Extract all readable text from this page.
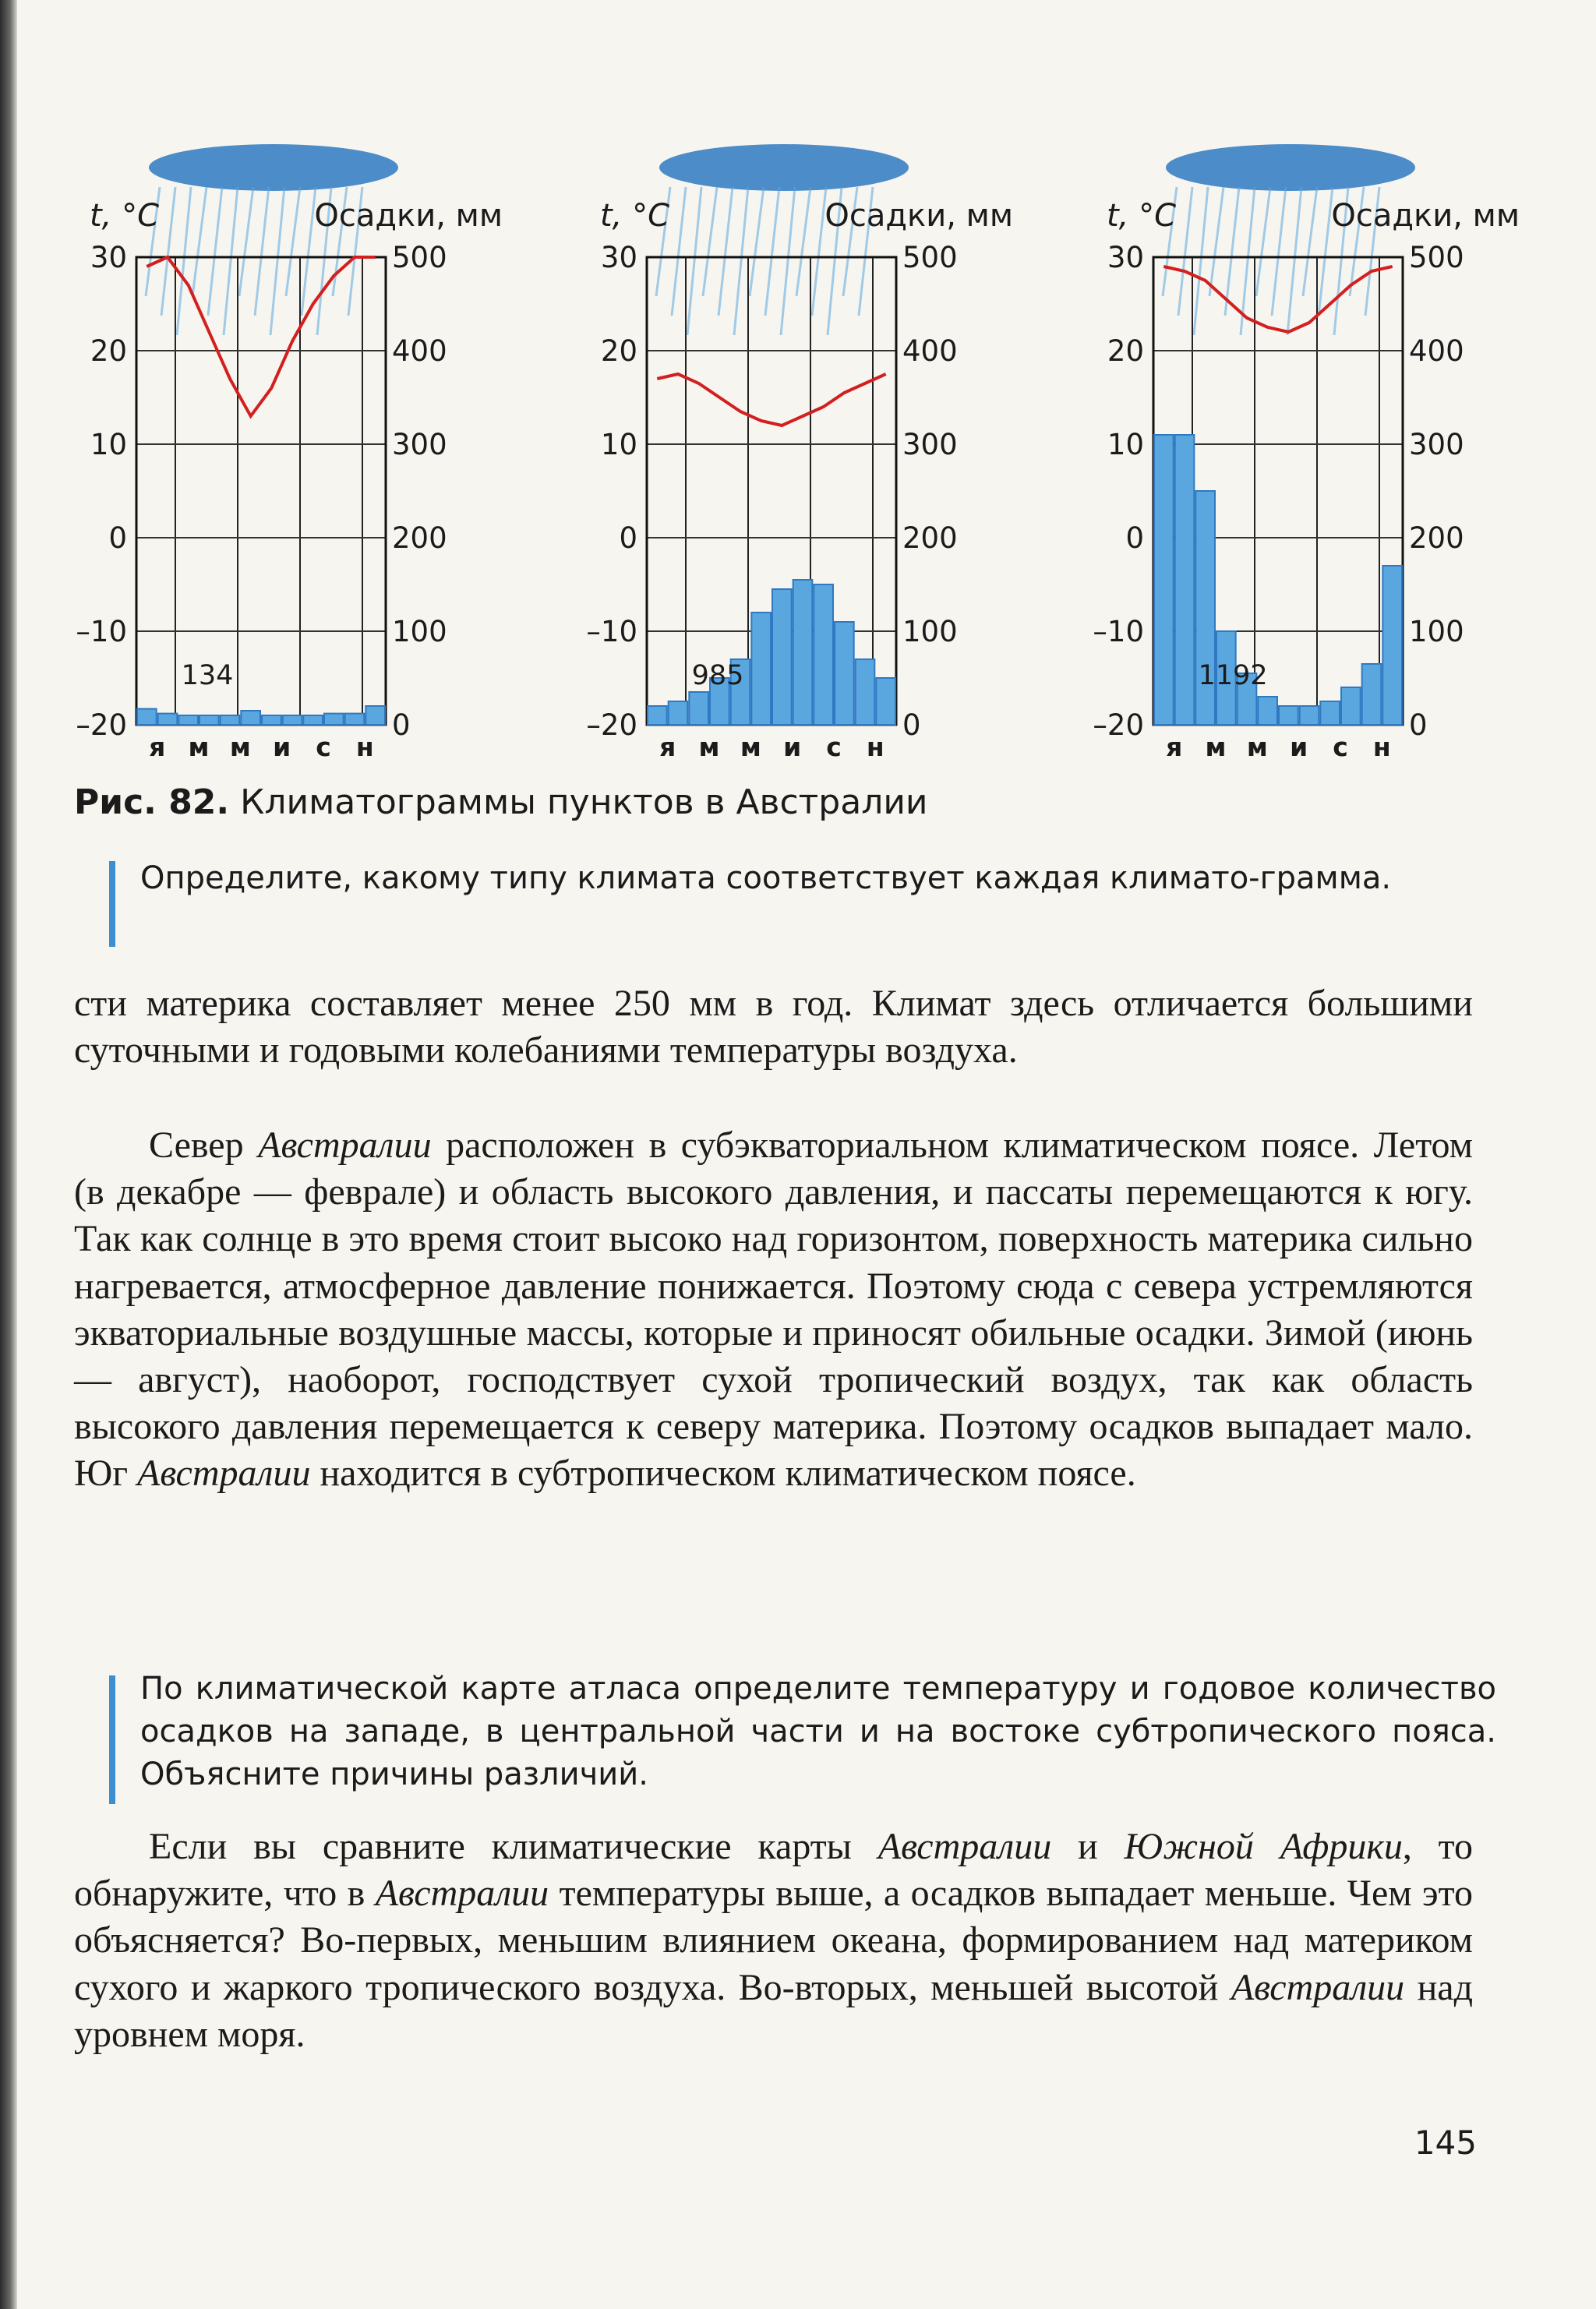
t, °C	Осадки, мм
30
20
10
0
–10
–20
500
400
300
200
100
0
134
я м м и с н
t, °C	Осадки, мм
30
20
10
0
–10
–20
500
400
300
200
100
0
985
я м м и с н
t, °C	Осадки, мм
30
20
10
0
–10
–20
500
400
300
200
100
0
1192
я м м и с н
Рис. 82. Климатограммы пунктов в Австралии
Определите, какому типу климата соответствует каждая климато-грамма.
сти материка составляет менее 250 мм в год. Климат здесь отличается большими суточными и годовыми колебаниями температуры воздуха.
Север Австралии расположен в субэкваториальном климатическом поясе. Летом (в декабре — феврале) и область высокого давления, и пассаты перемещаются к югу. Так как солнце в это время стоит высоко над горизонтом, поверхность материка сильно нагревается, атмосферное давление понижается. Поэтому сюда с севера устремляются экваториальные воздушные массы, которые и приносят обильные осадки. Зимой (июнь — август), наоборот, господствует сухой тропический воздух, так как область высокого давления перемещается к северу материка. Поэтому осадков выпадает мало. Юг Австралии находится в субтропическом климатическом поясе.
По климатической карте атласа определите температуру и годовое количество осадков на западе, в центральной части и на востоке субтропического пояса. Объясните причины различий.
Если вы сравните климатические карты Австралии и Южной Африки, то обнаружите, что в Австралии температуры выше, а осадков выпадает меньше. Чем это объясняется? Во-первых, меньшим влиянием океана, формированием над материком сухого и жаркого тропического воздуха. Во-вторых, меньшей высотой Австралии над уровнем моря.
145
